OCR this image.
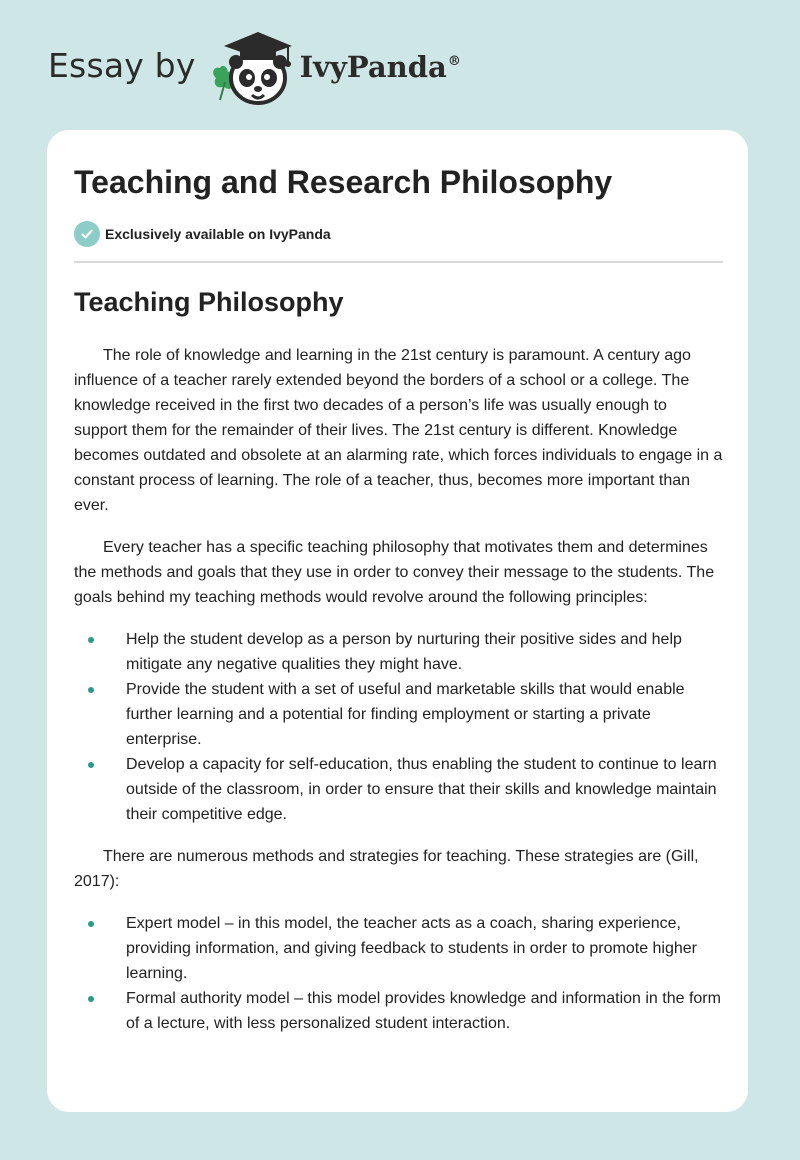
Essay by	IvyPanda®
Teaching and Research Philosophy
Exclusively available on IvyPanda
Teaching Philosophy

The role of knowledge and learning in the 21st century is paramount. A century ago influence of a teacher rarely extended beyond the borders of a school or a college. The knowledge received in the first two decades of a person’s life was usually enough to support them for the remainder of their lives. The 21st century is different. Knowledge becomes outdated and obsolete at an alarming rate, which forces individuals to engage in a constant process of learning. The role of a teacher, thus, becomes more important than ever.

Every teacher has a specific teaching philosophy that motivates them and determines the methods and goals that they use in order to convey their message to the students. The goals behind my teaching methods would revolve around the following principles:

Help the student develop as a person by nurturing their positive sides and help mitigate any negative qualities they might have.
Provide the student with a set of useful and marketable skills that would enable further learning and a potential for finding employment or starting a private enterprise.
Develop a capacity for self-education, thus enabling the student to continue to learn outside of the classroom, in order to ensure that their skills and knowledge maintain their competitive edge.

There are numerous methods and strategies for teaching. These strategies are (Gill, 2017):

Expert model – in this model, the teacher acts as a coach, sharing experience, providing information, and giving feedback to students in order to promote higher learning.
Formal authority model – this model provides knowledge and information in the form of a lecture, with less personalized student interaction.
